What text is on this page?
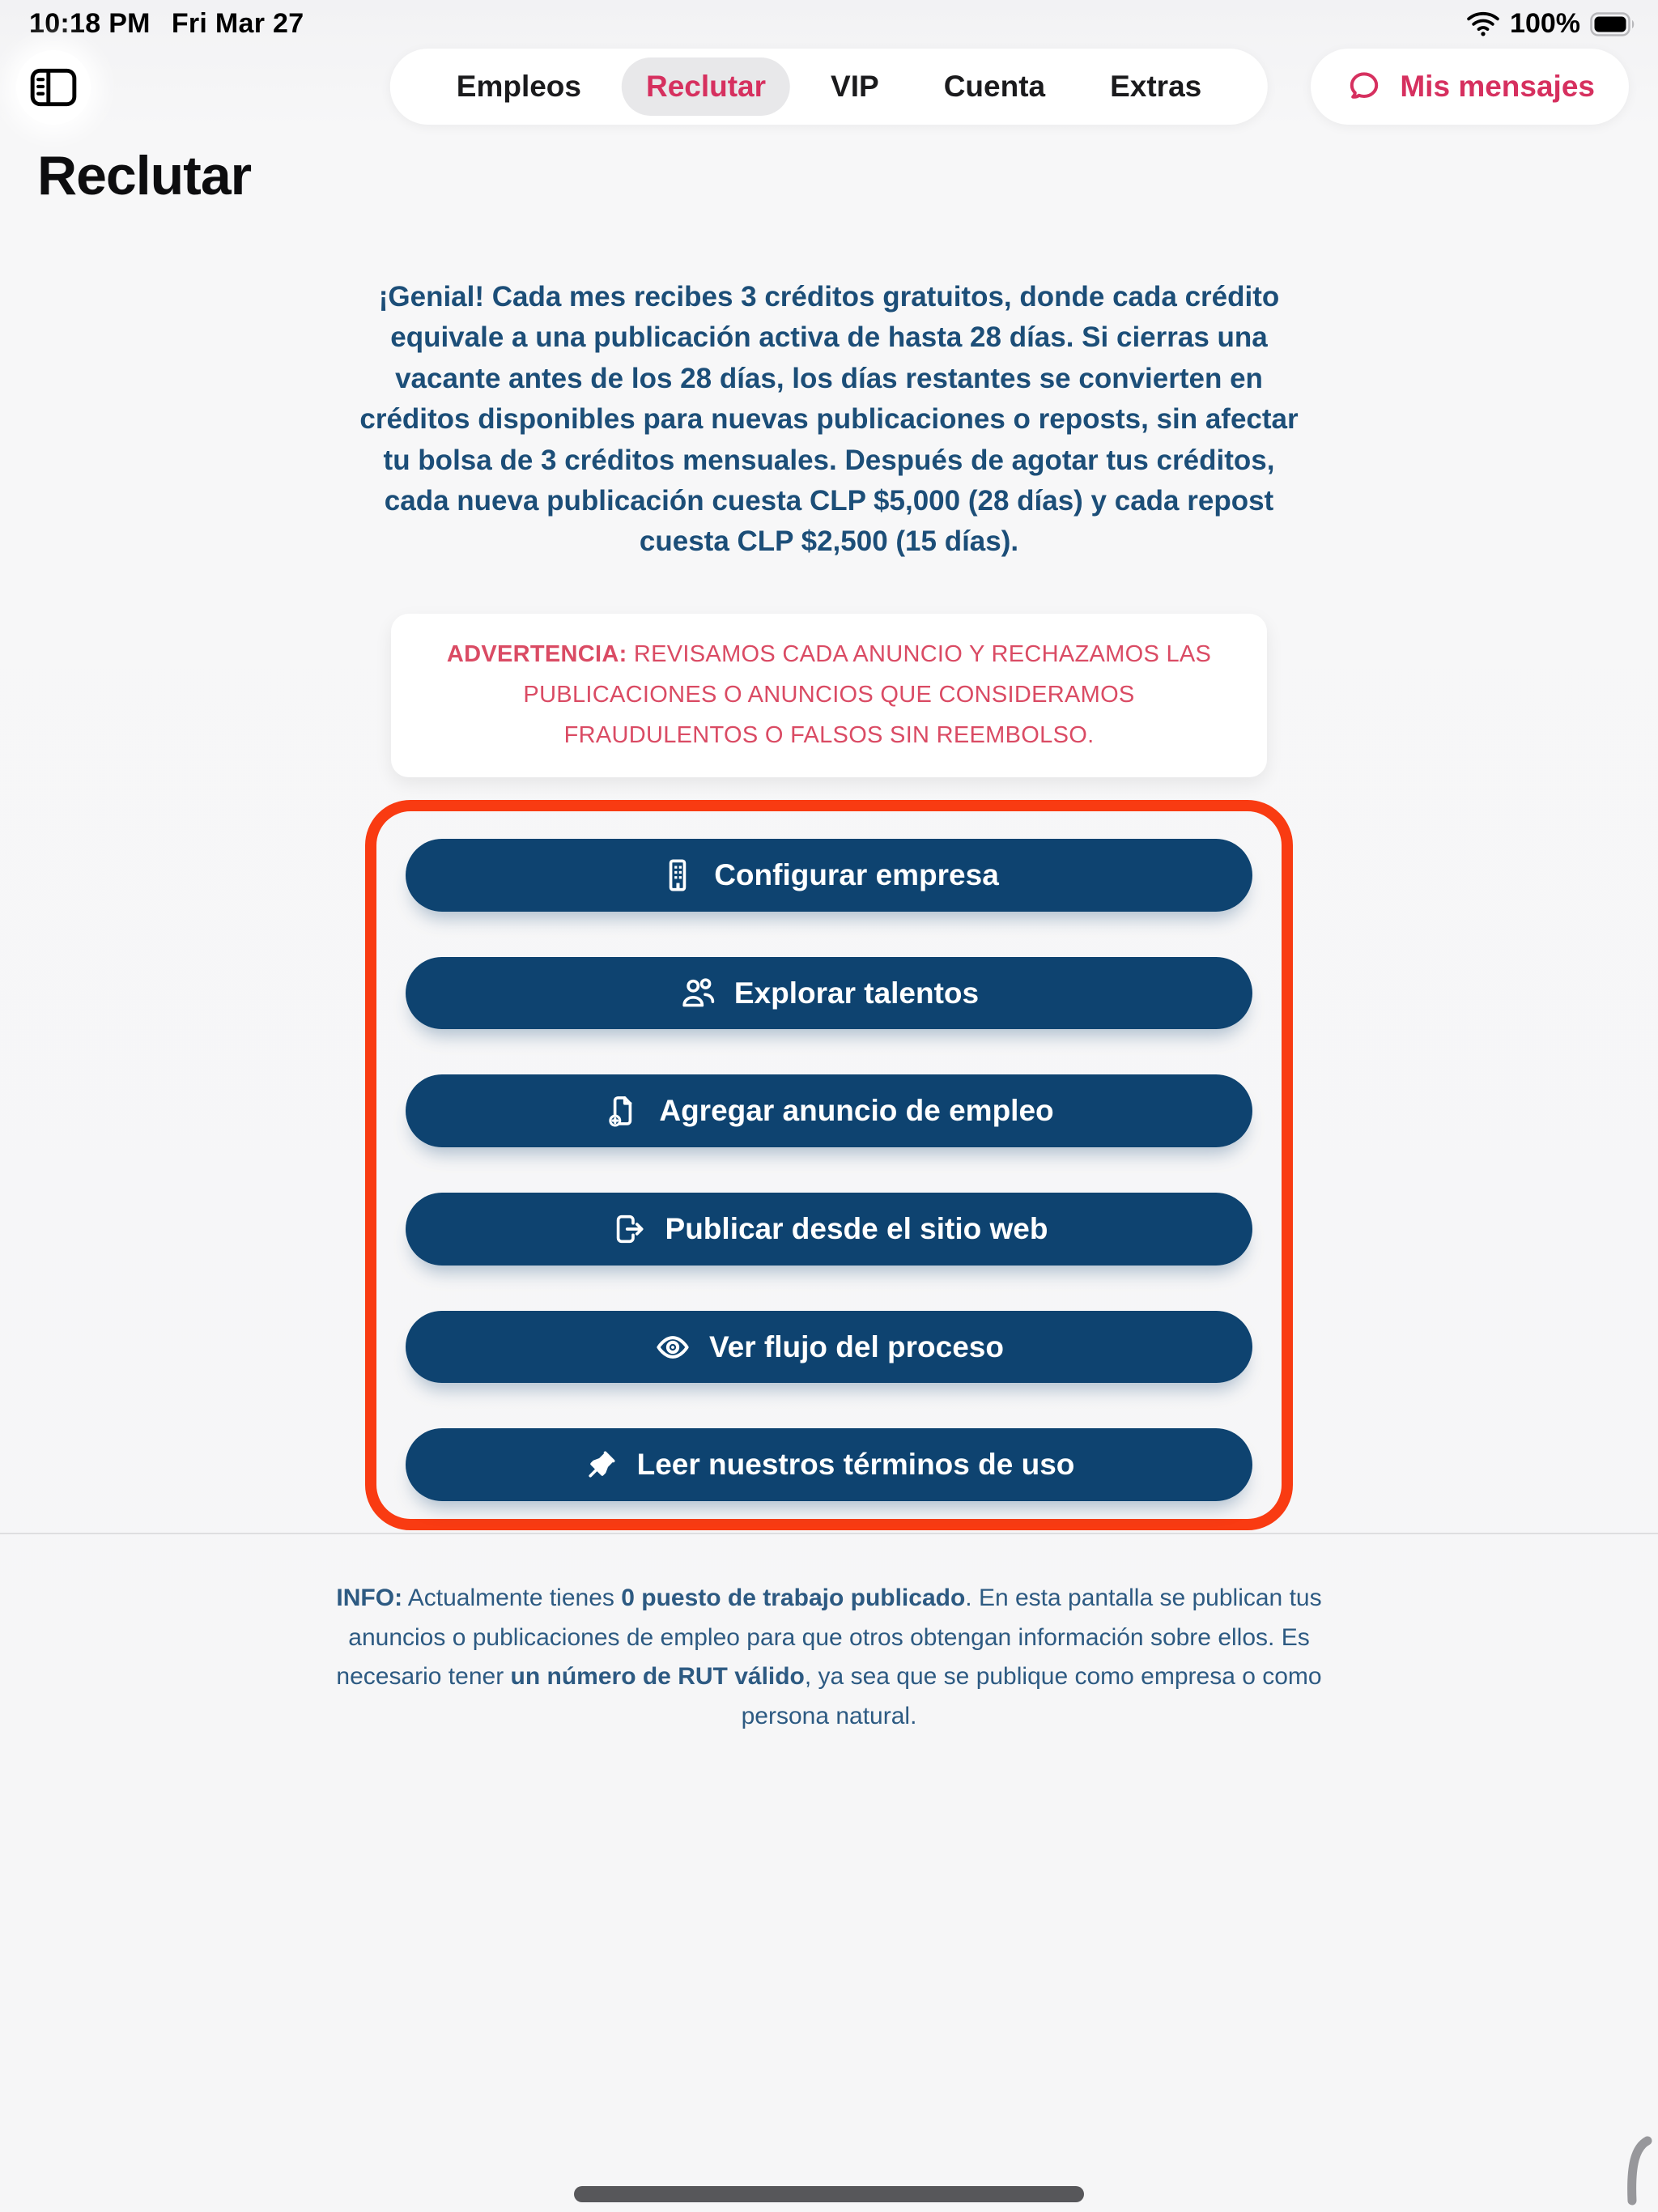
10:18 PM Fri Mar 27	100%
Empleos	Reclutar	VIP	Cuenta	Extras	Mis mensajes
Reclutar

¡Genial! Cada mes recibes 3 créditos gratuitos, donde cada crédito equivale a una publicación activa de hasta 28 días. Si cierras una vacante antes de los 28 días, los días restantes se convierten en créditos disponibles para nuevas publicaciones o reposts, sin afectar tu bolsa de 3 créditos mensuales. Después de agotar tus créditos, cada nueva publicación cuesta CLP $5,000 (28 días) y cada repost cuesta CLP $2,500 (15 días).

ADVERTENCIA: REVISAMOS CADA ANUNCIO Y RECHAZAMOS LAS PUBLICACIONES O ANUNCIOS QUE CONSIDERAMOS FRAUDULENTOS O FALSOS SIN REEMBOLSO.
Configurar empresa
Explorar talentos
Agregar anuncio de empleo
Publicar desde el sitio web
Ver flujo del proceso
Leer nuestros términos de uso

INFO: Actualmente tienes 0 puesto de trabajo publicado. En esta pantalla se publican tus anuncios o publicaciones de empleo para que otros obtengan información sobre ellos. Es necesario tener un número de RUT válido, ya sea que se publique como empresa o como persona natural.
